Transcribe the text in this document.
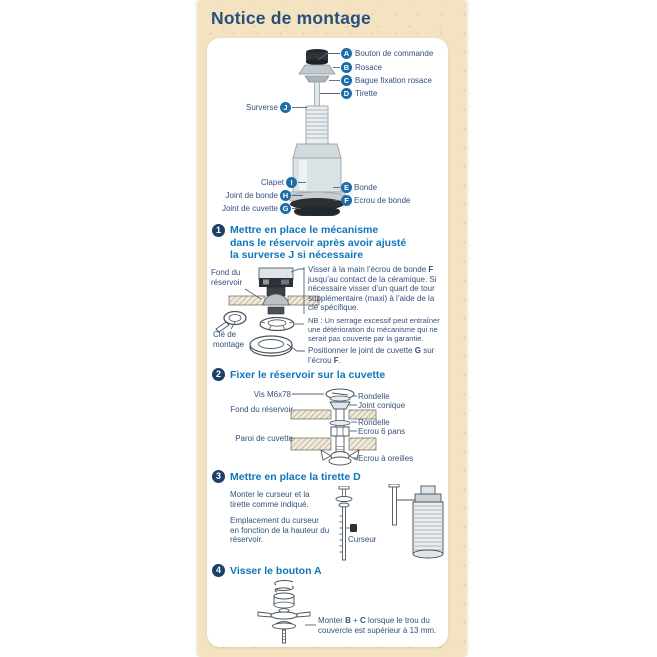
Notice de montage
A Bouton de commande
B Rosace
C Bague fixation rosace
D Tirette
Surverse J
Clapet I
Joint de bonde H
Joint de cuvette G
E Bonde
F Ecrou de bonde
1 Mettre en place le mécanisme
dans le réservoir après avoir ajusté
la surverse J si nécessaire
Fond du réservoir
Clé de montage
Visser à la main l’écrou de bonde F jusqu’au contact de la céramique. Si nécessaire visser d’un quart de tour supplémentaire (maxi) à l’aide de la clé spécifique.
NB : Un serrage excessif peut entraîner une détérioration du mécanisme qui ne serait pas couverte par la garantie.
Positionner le joint de cuvette G sur l’écrou F.
2 Fixer le réservoir sur la cuvette
Vis M6x78
Fond du réservoir
Paroi de cuvette
Rondelle
Joint conique
Rondelle
Ecrou 6 pans
Ecrou à oreilles
3 Mettre en place la tirette D
Monter le curseur et la tirette comme indiqué.
Emplacement du curseur en fonction de la hauteur du réservoir.	Curseur
4 Visser le bouton A
Monter B + C lorsque le trou du couvercle est supérieur à 13 mm.
